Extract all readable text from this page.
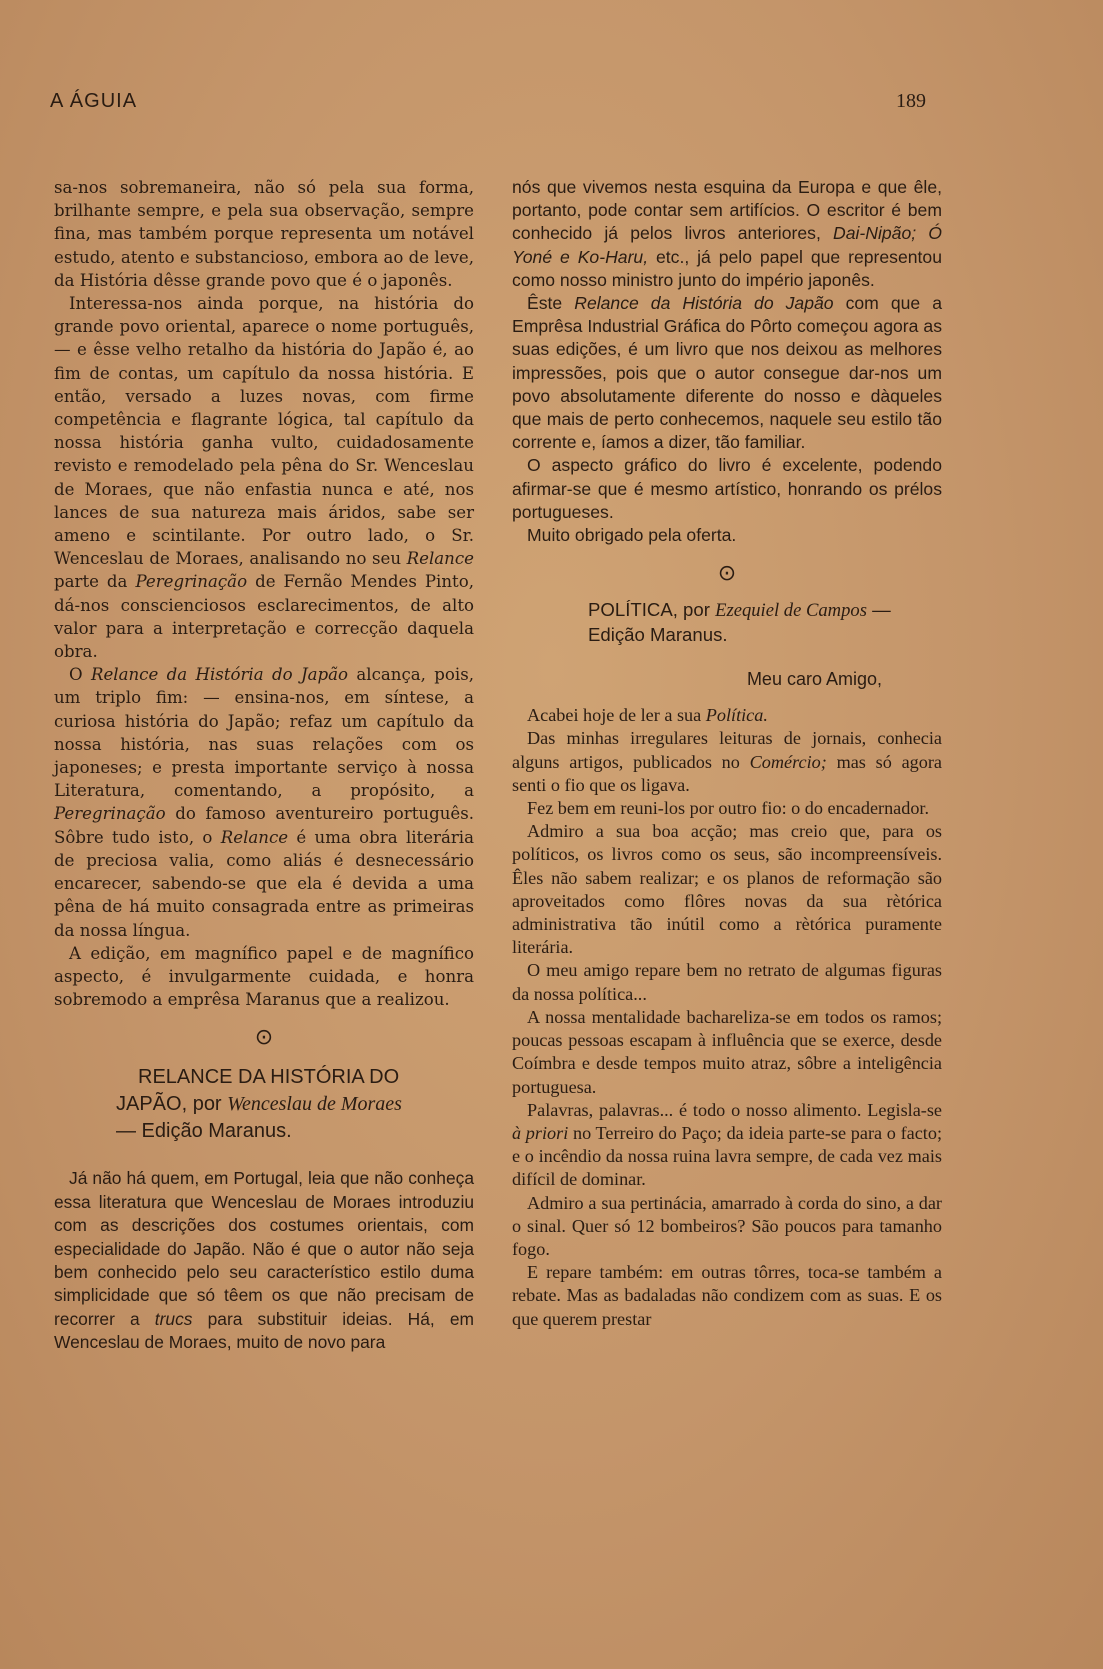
A ÁGUIA	189

sa-nos sobremaneira, não só pela sua forma, brilhante sempre, e pela sua observação, sempre fina, mas também porque representa um notável estudo, atento e substancioso, embora ao de leve, da História dêsse grande povo que é o japonês.

Interessa-nos ainda porque, na história do grande povo oriental, aparece o nome português, — e êsse velho retalho da história do Japão é, ao fim de contas, um capítulo da nossa história. E então, versado a luzes novas, com firme competência e flagrante lógica, tal capítulo da nossa história ganha vulto, cuidadosamente revisto e remodelado pela pêna do Sr. Wenceslau de Moraes, que não enfastia nunca e até, nos lances de sua natureza mais áridos, sabe ser ameno e scintilante. Por outro lado, o Sr. Wenceslau de Moraes, analisando no seu Relance parte da Peregrinação de Fernão Mendes Pinto, dá-nos conscienciosos esclarecimentos, de alto valor para a interpretação e correcção daquela obra.

O Relance da História do Japão alcança, pois, um triplo fim: — ensina-nos, em síntese, a curiosa história do Japão; refaz um capítulo da nossa história, nas suas relações com os japoneses; e presta importante serviço à nossa Literatura, comentando, a propósito, a Peregrinação do famoso aventureiro português. Sôbre tudo isto, o Relance é uma obra literária de preciosa valia, como aliás é desnecessário encarecer, sabendo-se que ela é devida a uma pêna de há muito consagrada entre as primeiras da nossa língua.

A edição, em magnífico papel e de magnífico aspecto, é invulgarmente cuidada, e honra sobremodo a emprêsa Maranus que a realizou.

⊙
RELANCE DA HISTÓRIA DO
JAPÃO, por Wenceslau de Moraes
— Edição Maranus.

Já não há quem, em Portugal, leia que não conheça essa literatura que Wenceslau de Moraes introduziu com as descrições dos costumes orientais, com especialidade do Japão. Não é que o autor não seja bem conhecido pelo seu característico estilo duma simplicidade que só têem os que não precisam de recorrer a trucs para substituir ideias. Há, em Wenceslau de Moraes, muito de novo para

nós que vivemos nesta esquina da Europa e que êle, portanto, pode contar sem artifícios. O escritor é bem conhecido já pelos livros anteriores, Dai-Nipão; Ó Yoné e Ko-Haru, etc., já pelo papel que representou como nosso ministro junto do império japonês.

Êste Relance da História do Japão com que a Emprêsa Industrial Gráfica do Pôrto começou agora as suas edições, é um livro que nos deixou as melhores impressões, pois que o autor consegue dar-nos um povo absolutamente diferente do nosso e dàqueles que mais de perto conhecemos, naquele seu estilo tão corrente e, íamos a dizer, tão familiar.

O aspecto gráfico do livro é excelente, podendo afirmar-se que é mesmo artístico, honrando os prélos portugueses.

Muito obrigado pela oferta.

⊙
POLÍTICA, por Ezequiel de Campos — Edição Maranus.
Meu caro Amigo,

Acabei hoje de ler a sua Política.

Das minhas irregulares leituras de jornais, conhecia alguns artigos, publicados no Comércio; mas só agora senti o fio que os ligava.

Fez bem em reuni-los por outro fio: o do encadernador.

Admiro a sua boa acção; mas creio que, para os políticos, os livros como os seus, são incompreensíveis. Êles não sabem realizar; e os planos de reformação são aproveitados como flôres novas da sua rètórica administrativa tão inútil como a rètórica puramente literária.

O meu amigo repare bem no retrato de algumas figuras da nossa política...

A nossa mentalidade bachareliza-se em todos os ramos; poucas pessoas escapam à influência que se exerce, desde Coímbra e desde tempos muito atraz, sôbre a inteligência portuguesa.

Palavras, palavras... é todo o nosso alimento. Legisla-se à priori no Terreiro do Paço; da ideia parte-se para o facto; e o incêndio da nossa ruina lavra sempre, de cada vez mais difícil de dominar.

Admiro a sua pertinácia, amarrado à corda do sino, a dar o sinal. Quer só 12 bombeiros? São poucos para tamanho fogo.

E repare também: em outras tôrres, toca-se também a rebate. Mas as badaladas não condizem com as suas. E os que querem prestar
